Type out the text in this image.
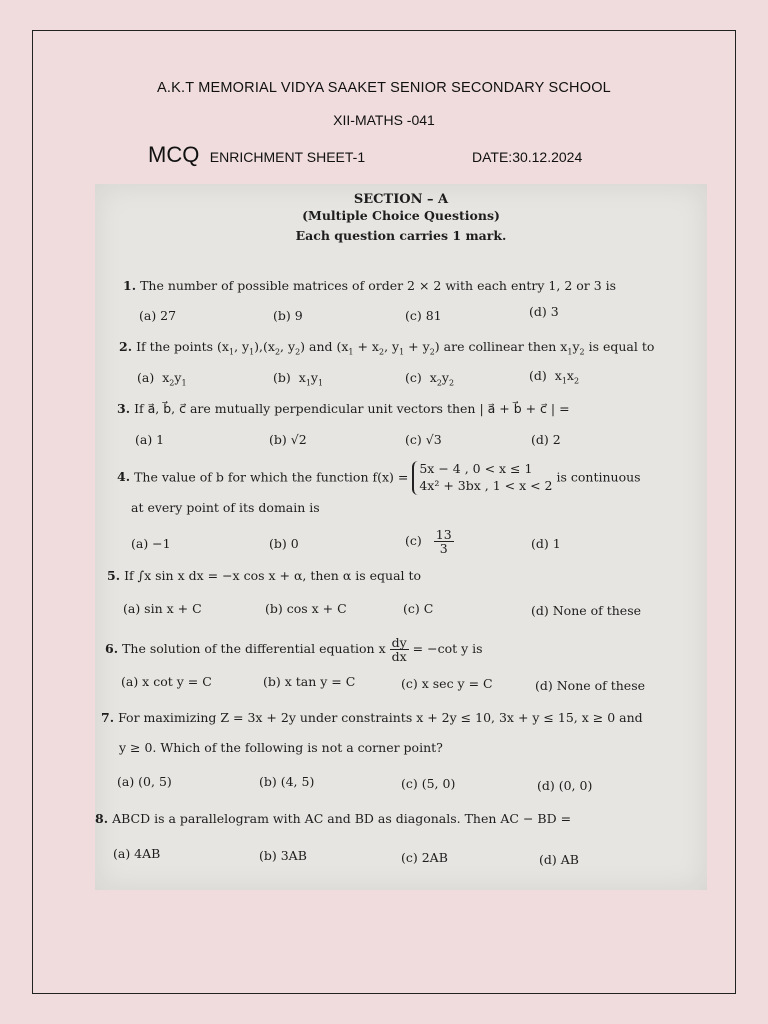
A.K.T MEMORIAL VIDYA SAAKET SENIOR SECONDARY SCHOOL
XII-MATHS -041
MCQ ENRICHMENT SHEET-1	DATE:30.12.2024
SECTION – A
(Multiple Choice Questions)
Each question carries 1 mark.
1. The number of possible matrices of order 2 × 2 with each entry 1, 2 or 3 is
(a) 27	(b) 9	(c) 81	(d) 3
2. If the points ($x_1$, $y_1),(x_2$, $y_2$) and ($x_1 + x_2$, $y_1 + y_2$) are collinear then $x_1y_2$ is equal to
(a) $x_2y_1$	(b) $x_1y_1$	(c) $x_2y_2$	(d) $x_1x_2$
3. If a⃗, b⃗, c⃗ are mutually perpendicular unit vectors then | a⃗ + b⃗ + c⃗ | =
(a) 1	(b) √2	(c) √3	(d) 2
4. The value of b for which the function f(x) =
5x − 4 , 0 < x ≤ 1
4x² + 3bx , 1 < x < 2
is continuous
at every point of its domain is
(a) −1	(b) 0	$(c) \frac{13}{3}$	(d) 1
5. If ∫x sin x dx = −x cos x + α, then α is equal to
(a) sin x + C	(b) cos x + C	(c) C	(d) None of these
6. The solution of the differential equation x $\frac{dy}{dx} = -\cot$ y is
(a) x cot y = C	(b) x tan y = C	(c) x sec y = C	(d) None of these
7. For maximizing Z = 3x + 2y under constraints x + 2y ≤ 10, 3x + y ≤ 15, x ≥ 0 and
y ≥ 0. Which of the following is not a corner point?
(a) (0, 5)	(b) (4, 5)	(c) (5, 0)	(d) (0, 0)
8. ABCD is a parallelogram with AC and BD as diagonals. Then AC − BD =
(a) 4AB	(b) 3AB	(c) 2AB	(d) AB
